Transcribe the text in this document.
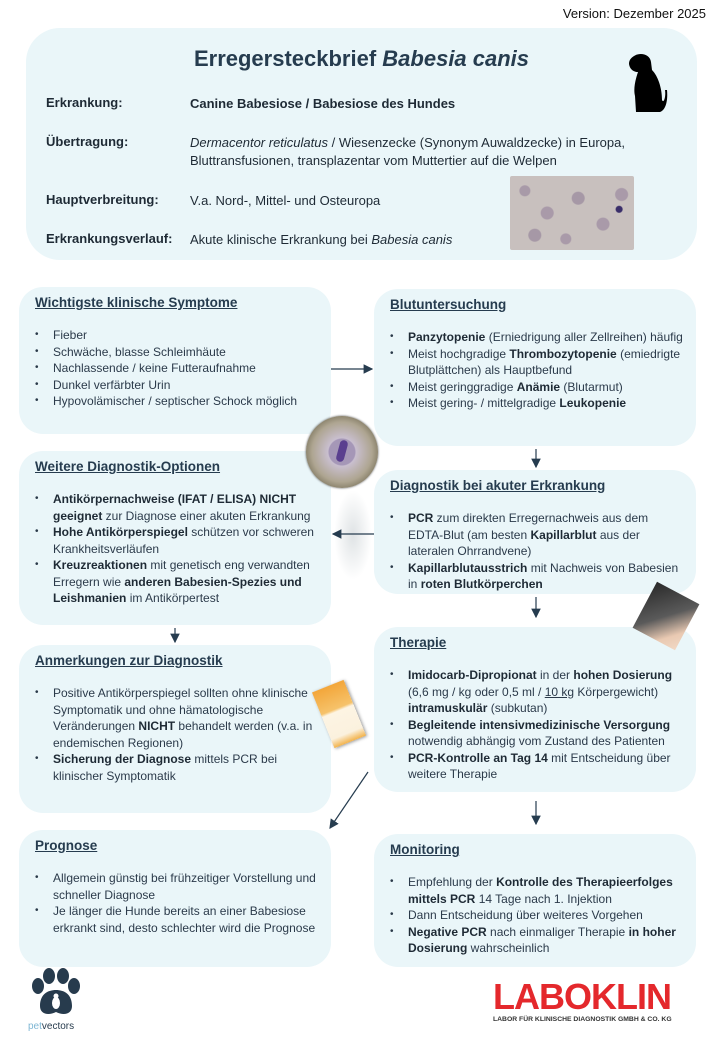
Version: Dezember 2025
Erregersteckbrief Babesia canis
Erkrankung:	Canine Babesiose / Babesiose des Hundes
Übertragung:	Dermacentor reticulatus / Wiesenzecke (Synonym Auwaldzecke) in Europa, Bluttransfusionen, transplazentar vom Muttertier auf die Welpen
Hauptverbreitung: V.a. Nord-, Mittel- und Osteuropa
Erkrankungsverlauf: Akute klinische Erkrankung bei Babesia canis
Wichtigste klinische Symptome
• Fieber
• Schwäche, blasse Schleimhäute
• Nachlassende / keine Futteraufnahme
• Dunkel verfärbter Urin
• Hypovolämischer / septischer Schock möglich
Blutuntersuchung
• Panzytopenie (Erniedrigung aller Zellreihen) häufig
• Meist hochgradige Thrombozytopenie (emiedrigte Blutplättchen) als Hauptbefund
• Meist geringgradige Anämie (Blutarmut)
• Meist gering- / mittelgradige Leukopenie
Weitere Diagnostik-Optionen
• Antikörpernachweise (IFAT / ELISA) NICHT geeignet zur Diagnose einer akuten Erkrankung
• Hohe Antikörperspiegel schützen vor schweren Krankheitsverläufen
• Kreuzreaktionen mit genetisch eng verwandten Erregern wie anderen Babesien-Spezies und Leishmanien im Antikörpertest
Diagnostik bei akuter Erkrankung
• PCR zum direkten Erregernachweis aus dem EDTA-Blut (am besten Kapillarblut aus der lateralen Ohrrandvene)
• Kapillarblutausstrich mit Nachweis von Babesien in roten Blutkörperchen
Anmerkungen zur Diagnostik
• Positive Antikörperspiegel sollten ohne klinische Symptomatik und ohne hämatologische Veränderungen NICHT behandelt werden (v.a. in endemischen Regionen)
• Sicherung der Diagnose mittels PCR bei klinischer Symptomatik
Therapie
• Imidocarb-Dipropionat in der hohen Dosierung (6,6 mg / kg oder 0,5 ml / 10 kg Körpergewicht) intramuskulär (subkutan)
• Begleitende intensivmedizinische Versorgung notwendig abhängig vom Zustand des Patienten
• PCR-Kontrolle an Tag 14 mit Entscheidung über weitere Therapie
Prognose
• Allgemein günstig bei frühzeitiger Vorstellung und schneller Diagnose
• Je länger die Hunde bereits an einer Babesiose erkrankt sind, desto schlechter wird die Prognose
Monitoring
• Empfehlung der Kontrolle des Therapieerfolges mittels PCR 14 Tage nach 1. Injektion
• Dann Entscheidung über weiteres Vorgehen
• Negative PCR nach einmaliger Therapie in hoher Dosierung wahrscheinlich
petvectors
LABOKLIN
LABOR FÜR KLINISCHE DIAGNOSTIK GMBH & CO. KG
